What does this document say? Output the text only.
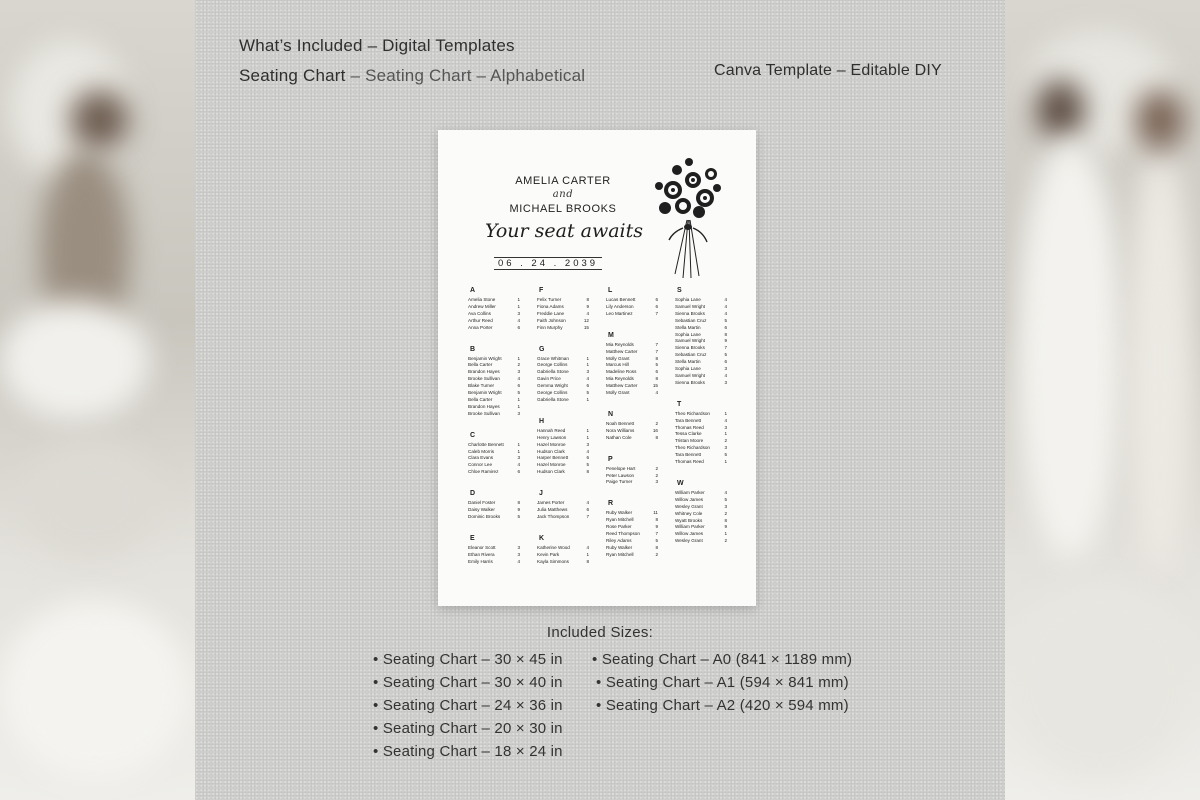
What’s Included – Digital Templates
Seating Chart – Seating Chart – Alphabetical	Canva Template – Editable DIY
AMELIA CARTER
and
MICHAEL BROOKS
Your seat awaits
06 . 24 . 2039
A
Amelia Stone	1
Andrew Miller	1
Ava Collins	3
Arthur Reed	4
Anna Porter	6
B
Benjamin Wright	1
Bella Carter	2
Brandon Hayes	3
Brooke Sullivan	4
Blake Turner	6
Benjamin Wright	5
Bella Carter	1
Brandon Hayes	1
Brooke Sullivan	3
C
Charlotte Bennett	1
Caleb Morris	1
Clara Evans	3
Connor Lee	4
Chloe Ramirez	6
D
Daniel Foster	8
Daisy Walker	9
Dominic Brooks	5
E
Eleanor Scott	3
Ethan Rivera	3
Emily Harris	4
F
Felix Turner	8
Fiona Adams	9
Freddie Lane	4
Faith Johnson	12
Finn Murphy	15
G
Grace Whitman	1
George Collins	1
Gabriella Stone	3
Gavin Price	4
Gemma Wright	6
George Collins	5
Gabriella Stone	1
H
Hannah Reed	1
Henry Lawson	1
Hazel Monroe	3
Hudson Clark	4
Harper Bennett	6
Hazel Monroe	5
Hudson Clark	8
J
James Porter	4
Julia Matthews	6
Jack Thompson	7
K
Katherine Wood	4
Kevin Park	1
Kayla Simmons	8
L
Lucas Bennett	6
Lily Anderson	6
Leo Martinez	7
M
Mia Reynolds	7
Matthew Carter	7
Molly Grant	8
Marcus Hill	5
Madeline Ross	6
Mia Reynolds	8
Matthew Carter	15
Molly Grant	4
N
Noah Bennett	2
Nora Williams	16
Nathan Cole	8
P
Penelope Hart	2
Peter Lawson	2
Paige Turner	3
R
Ruby Walker	11
Ryan Mitchell	8
Rose Parker	9
Reed Thompson	7
Riley Adams	5
Ruby Walker	8
Ryan Mitchell	2
S
Sophia Lane	4
Samuel Wright	4
Sienna Brooks	4
Sebastian Cruz	5
Stella Martin	6
Sophia Lane	8
Samuel Wright	9
Sienna Brooks	7
Sebastian Cruz	5
Stella Martin	6
Sophia Lane	3
Samuel Wright	4
Sienna Brooks	3
T
Theo Richardson	1
Tara Bennett	4
Thomas Reed	3
Tessa Clarke	1
Tristan Moore	2
Theo Richardson	3
Tara Bennett	5
Thomas Reed	1
W
William Parker	4
Willow James	5
Wesley Grant	3
Whitney Cole	2
Wyatt Brooks	8
William Parker	9
Willow James	1
Wesley Grant	2
Included Sizes:
• Seating Chart – 30 × 45 in
• Seating Chart – 30 × 40 in
• Seating Chart – 24 × 36 in
• Seating Chart – 20 × 30 in
• Seating Chart – 18 × 24 in
• Seating Chart – A0 (841 × 1189 mm)
• Seating Chart – A1 (594 × 841 mm)
• Seating Chart – A2 (420 × 594 mm)
